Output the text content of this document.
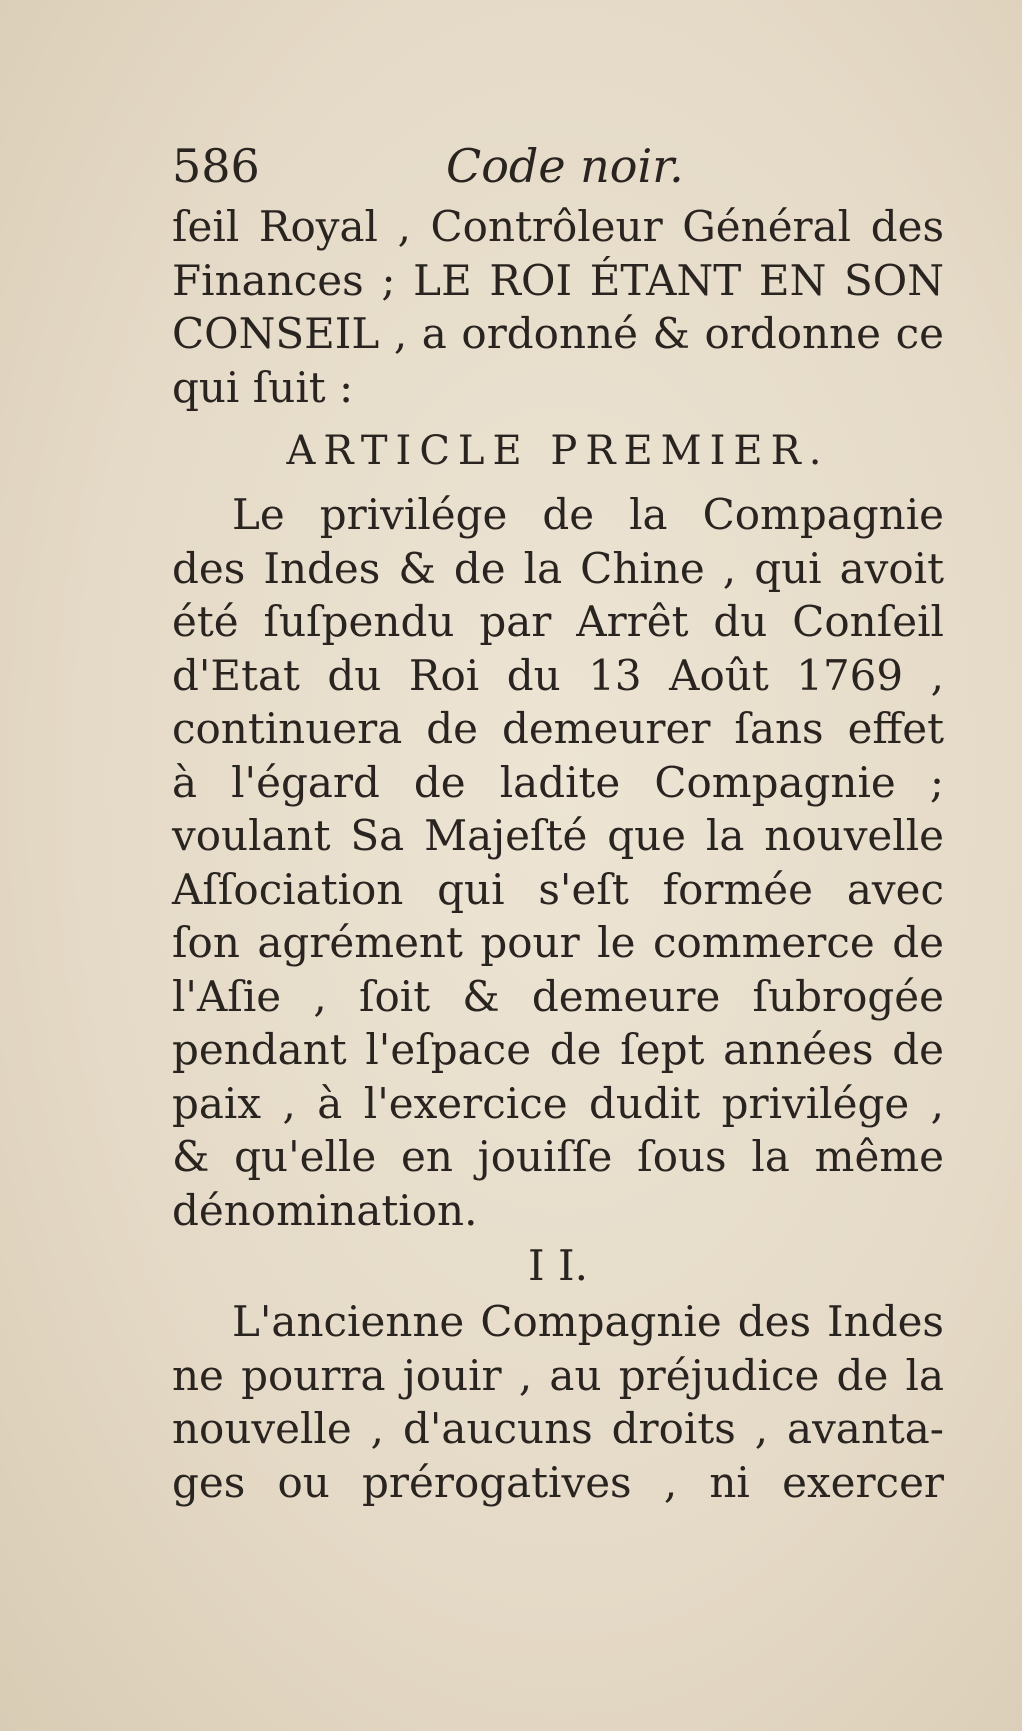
586	Code noir.
ſeil Royal , Contrôleur Général des
Finances ; LE ROI ÉTANT EN SON
CONSEIL , a ordonné & ordonne ce
qui ſuit :
ARTICLE PREMIER.
Le privilége de la Compagnie
des Indes & de la Chine , qui avoit
été ſuſpendu par Arrêt du Conſeil
d'Etat du Roi du 13 Août 1769 ,
continuera de demeurer ſans effet
à l'égard de ladite Compagnie ;
voulant Sa Majeſté que la nouvelle
Aſſociation qui s'eſt formée avec
ſon agrément pour le commerce de
l'Aſie , ſoit & demeure ſubrogée
pendant l'eſpace de ſept années de
paix , à l'exercice dudit privilége ,
& qu'elle en jouiſſe ſous la même
dénomination.
I I.
L'ancienne Compagnie des Indes
ne pourra jouir , au préjudice de la
nouvelle , d'aucuns droits , avanta-
ges ou prérogatives , ni exercer
